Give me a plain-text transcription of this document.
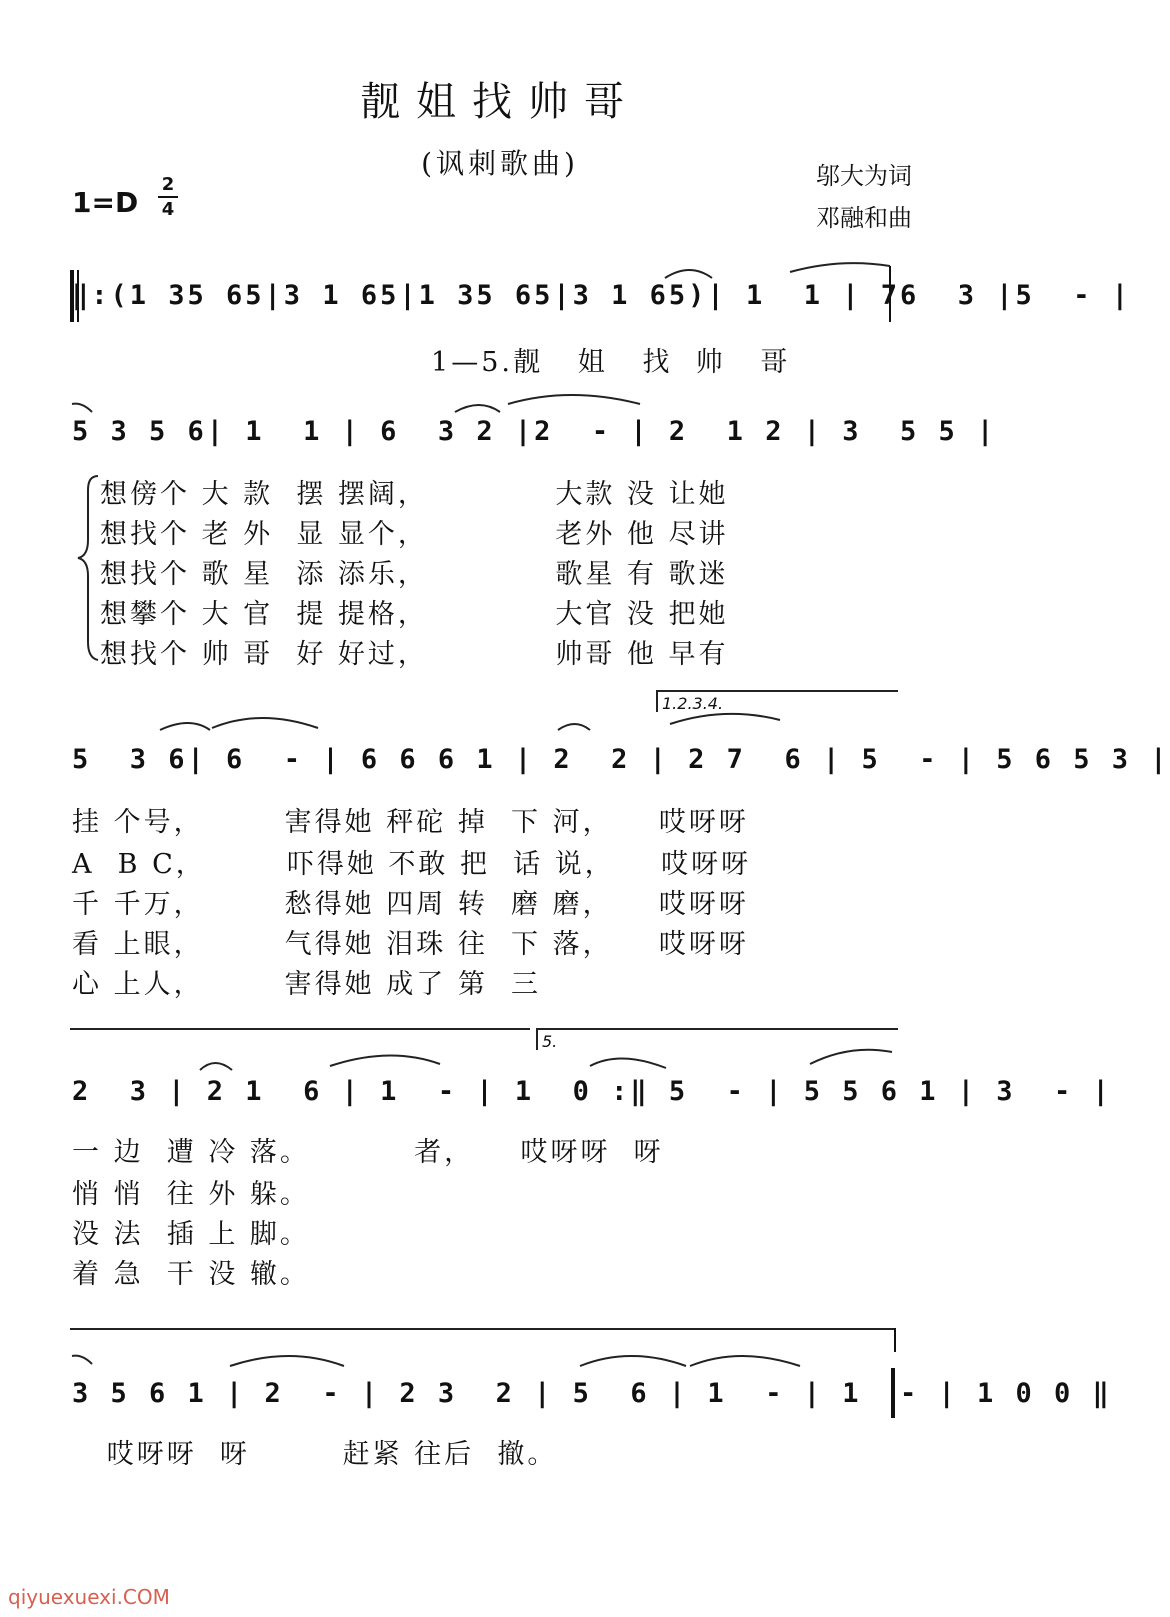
靓姐找帅哥
(讽刺歌曲)	邬大为词
邓融和曲
1=D
2
4
‖:(1 35 65|3 1 65|1 35 65|3 1 65)| 1  1 | 76  3 |5  - |
1—5.靓   姐   找  帅   哥
5 3 5 6| 1  1 | 6  3 2 |2  - | 2  1 2 | 3  5 5 |
想傍个 大 款  摆 摆阔，           大款 没 让她
想找个 老 外  显 显个，           老外 他 尽讲
想找个 歌 星  添 添乐，           歌星 有 歌迷
想攀个 大 官  提 提格，           大官 没 把她
想找个 帅 哥  好 好过，           帅哥 他 早有
1.2.3.4.
5  3 6| 6  - | 6 6 6 1 | 2  2 | 2 7  6 | 5  - | 5 6 5 3 |
挂 个号，       害得她 秤砣 掉  下 河，    哎呀呀
A  B C，       吓得她 不敢 把  话 说，    哎呀呀
千 千万，       愁得她 四周 转  磨 磨，    哎呀呀
看 上眼，       气得她 泪珠 往  下 落，    哎呀呀
心 上人，       害得她 成了 第  三
5.
2  3 | 2 1  6 | 1  - | 1  0 :‖ 5  - | 5 5 6 1 | 3  - |
一 边  遭 冷 落。         者，    哎呀呀  呀
悄 悄  往 外 躲。
没 法  插 上 脚。
着 急  干 没 辙。
3 5 6 1 | 2  - | 2 3  2 | 5  6 | 1  - | 1  - | 1 0 0 ‖
哎呀呀  呀        赶紧 往后  撤。
qiyuexuexi.COM
